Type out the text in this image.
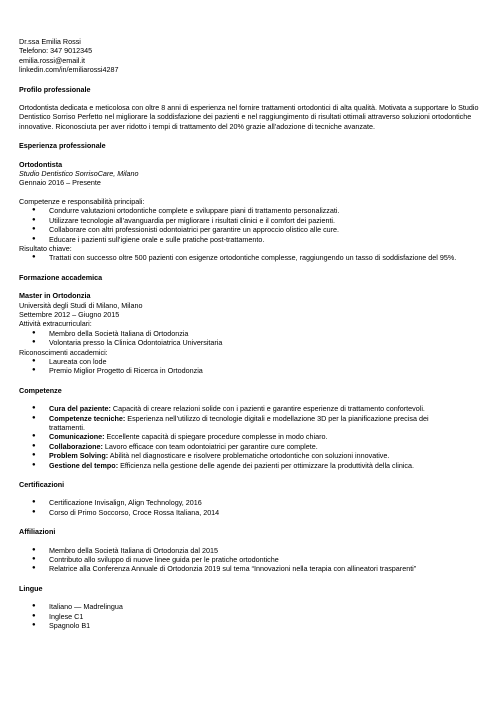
Dr.ssa Emilia Rossi
Telefono: 347 9012345
emilia.rossi@email.it
linkedin.com/in/emiliarossi4287
Profilo professionale
Ortodontista dedicata e meticolosa con oltre 8 anni di esperienza nel fornire trattamenti ortodontici di alta qualità. Motivata a supportare lo Studio Dentistico Sorriso Perfetto nel migliorare la soddisfazione dei pazienti e nel raggiungimento di risultati ottimali attraverso soluzioni ortodontiche innovative. Riconosciuta per aver ridotto i tempi di trattamento del 20% grazie all’adozione di tecniche avanzate.
Esperienza professionale
Ortodontista
Studio Dentistico SorrisoCare, Milano
Gennaio 2016 – Presente
Competenze e responsabilità principali:
● Condurre valutazioni ortodontiche complete e sviluppare piani di trattamento personalizzati.
● Utilizzare tecnologie all’avanguardia per migliorare i risultati clinici e il comfort dei pazienti.
● Collaborare con altri professionisti odontoiatrici per garantire un approccio olistico alle cure.
● Educare i pazienti sull’igiene orale e sulle pratiche post-trattamento.
Risultato chiave:
● Trattati con successo oltre 500 pazienti con esigenze ortodontiche complesse, raggiungendo un tasso di soddisfazione del 95%.
Formazione accademica
Master in Ortodonzia
Università degli Studi di Milano, Milano
Settembre 2012 – Giugno 2015
Attività extracurriculari:
● Membro della Società Italiana di Ortodonzia
● Volontaria presso la Clinica Odontoiatrica Universitaria
Riconoscimenti accademici:
● Laureata con lode
● Premio Miglior Progetto di Ricerca in Ortodonzia
Competenze
● Cura del paziente: Capacità di creare relazioni solide con i pazienti e garantire esperienze di trattamento confortevoli.
● Competenze tecniche: Esperienza nell’utilizzo di tecnologie digitali e modellazione 3D per la pianificazione precisa dei trattamenti.
● Comunicazione: Eccellente capacità di spiegare procedure complesse in modo chiaro.
● Collaborazione: Lavoro efficace con team odontoiatrici per garantire cure complete.
● Problem Solving: Abilità nel diagnosticare e risolvere problematiche ortodontiche con soluzioni innovative.
● Gestione del tempo: Efficienza nella gestione delle agende dei pazienti per ottimizzare la produttività della clinica.
Certificazioni
● Certificazione Invisalign, Align Technology, 2016
● Corso di Primo Soccorso, Croce Rossa Italiana, 2014
Affiliazioni
● Membro della Società Italiana di Ortodonzia dal 2015
● Contributo allo sviluppo di nuove linee guida per le pratiche ortodontiche
● Relatrice alla Conferenza Annuale di Ortodonzia 2019 sul tema “Innovazioni nella terapia con allineatori trasparenti”
Lingue
● Italiano — Madrelingua
● Inglese C1
● Spagnolo B1
